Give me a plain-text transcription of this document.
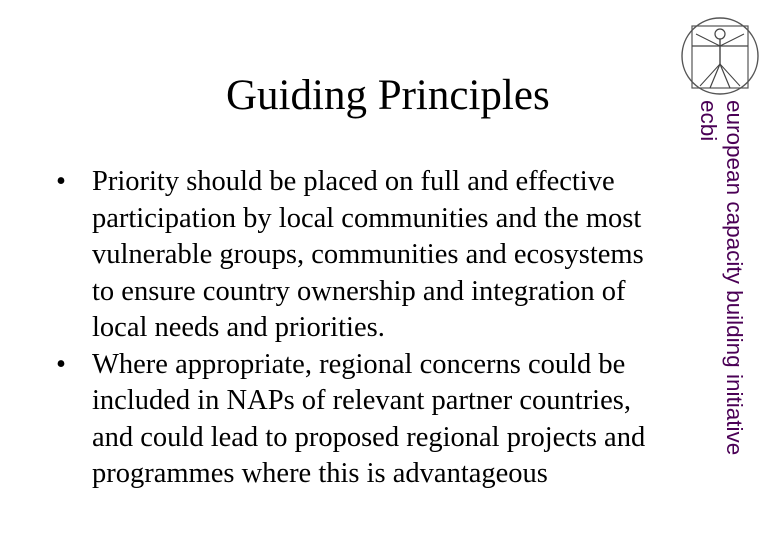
Guiding Principles
• Priority should be placed on full and effective
participation by local communities and the most
vulnerable groups, communities and ecosystems
to ensure country ownership and integration of
local needs and priorities.
• Where appropriate, regional concerns could be
included in NAPs of relevant partner countries,
and could lead to proposed regional projects and
programmes where this is advantageous
european capacity building initiative
ecbi
